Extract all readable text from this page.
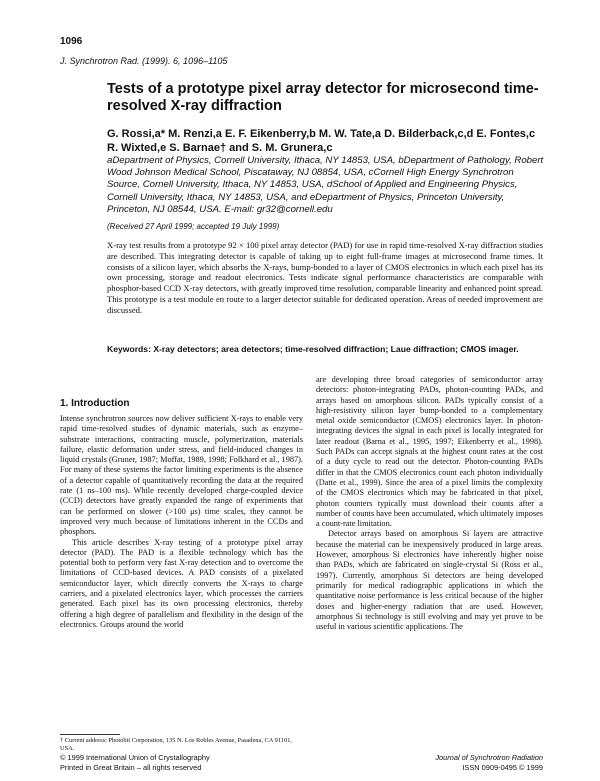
1096
J. Synchrotron Rad. (1999). 6, 1096–1105
Tests of a prototype pixel array detector for microsecond time-resolved X-ray diffraction
G. Rossi,a* M. Renzi,a E. F. Eikenberry,b M. W. Tate,a D. Bilderback,c,d E. Fontes,c R. Wixted,e S. Barnae† and S. M. Grunera,c
aDepartment of Physics, Cornell University, Ithaca, NY 14853, USA, bDepartment of Pathology, Robert Wood Johnson Medical School, Piscataway, NJ 08854, USA, cCornell High Energy Synchrotron Source, Cornell University, Ithaca, NY 14853, USA, dSchool of Applied and Engineering Physics, Cornell University, Ithaca, NY 14853, USA, and eDepartment of Physics, Princeton University, Princeton, NJ 08544, USA. E-mail: gr32@cornell.edu
(Received 27 April 1999; accepted 19 July 1999)
X-ray test results from a prototype 92 × 100 pixel array detector (PAD) for use in rapid time-resolved X-ray diffraction studies are described. This integrating detector is capable of taking up to eight full-frame images at microsecond frame times. It consists of a silicon layer, which absorbs the X-rays, bump-bonded to a layer of CMOS electronics in which each pixel has its own processing, storage and readout electronics. Tests indicate signal performance characteristics are comparable with phosphor-based CCD X-ray detectors, with greatly improved time resolution, comparable linearity and enhanced point spread. This prototype is a test module en route to a larger detector suitable for dedicated operation. Areas of needed improvement are discussed.
Keywords: X-ray detectors; area detectors; time-resolved diffraction; Laue diffraction; CMOS imager.
1. Introduction

Intense synchrotron sources now deliver sufficient X-rays to enable very rapid time-resolved studies of dynamic materials, such as enzyme–substrate interactions, contracting muscle, polymerization, materials failure, elastic deformation under stress, and field-induced changes in liquid crystals (Gruner, 1987; Moffat, 1989, 1998; Folkhard et al., 1987). For many of these systems the factor limiting experiments is the absence of a detector capable of quantitatively recording the data at the required rate (1 ns–100 ms). While recently developed charge-coupled device (CCD) detectors have greatly expanded the range of experiments that can be performed on slower (>100 μs) time scales, they cannot be improved very much because of limitations inherent in the CCDs and phosphors.

This article describes X-ray testing of a prototype pixel array detector (PAD). The PAD is a flexible technology which has the potential both to perform very fast X-ray detection and to overcome the limitations of CCD-based devices. A PAD consists of a pixelated semiconductor layer, which directly converts the X-rays to charge carriers, and a pixelated electronics layer, which processes the carriers generated. Each pixel has its own processing electronics, thereby offering a high degree of parallelism and flexibility in the design of the electronics. Groups around the world

are developing three broad categories of semiconductor array detectors: photon-integrating PADs, photon-counting PADs, and arrays based on amorphous silicon. PADs typically consist of a high-resistivity silicon layer bump-bonded to a complementary metal oxide semiconductor (CMOS) electronics layer. In photon-integrating devices the signal in each pixel is locally integrated for later readout (Barna et al., 1995, 1997; Eikenberry et al., 1998). Such PADs can accept signals at the highest count rates at the cost of a duty cycle to read out the detector. Photon-counting PADs differ in that the CMOS electronics count each photon individually (Datte et al., 1999). Since the area of a pixel limits the complexity of the CMOS electronics which may be fabricated in that pixel, photon counters typically must download their counts after a number of counts have been accumulated, which ultimately imposes a count-rate limitation.

Detector arrays based on amorphous Si layers are attractive because the material can be inexpensively produced in large areas. However, amorphous Si electronics have inherently higher noise than PADs, which are fabricated on single-crystal Si (Ross et al., 1997). Currently, amorphous Si detectors are being developed primarily for medical radiographic applications in which the quantitative noise performance is less critical because of the higher doses and higher-energy radiation that are used. However, amorphous Si technology is still evolving and may yet prove to be useful in various scientific applications. The

† Current address: Photobit Corporation, 135 N. Los Robles Avenue, Pasadena, CA 91101, USA.
© 1999 International Union of Crystallography
Printed in Great Britain – all rights reserved
Journal of Synchrotron Radiation
ISSN 0909-0495 © 1999
